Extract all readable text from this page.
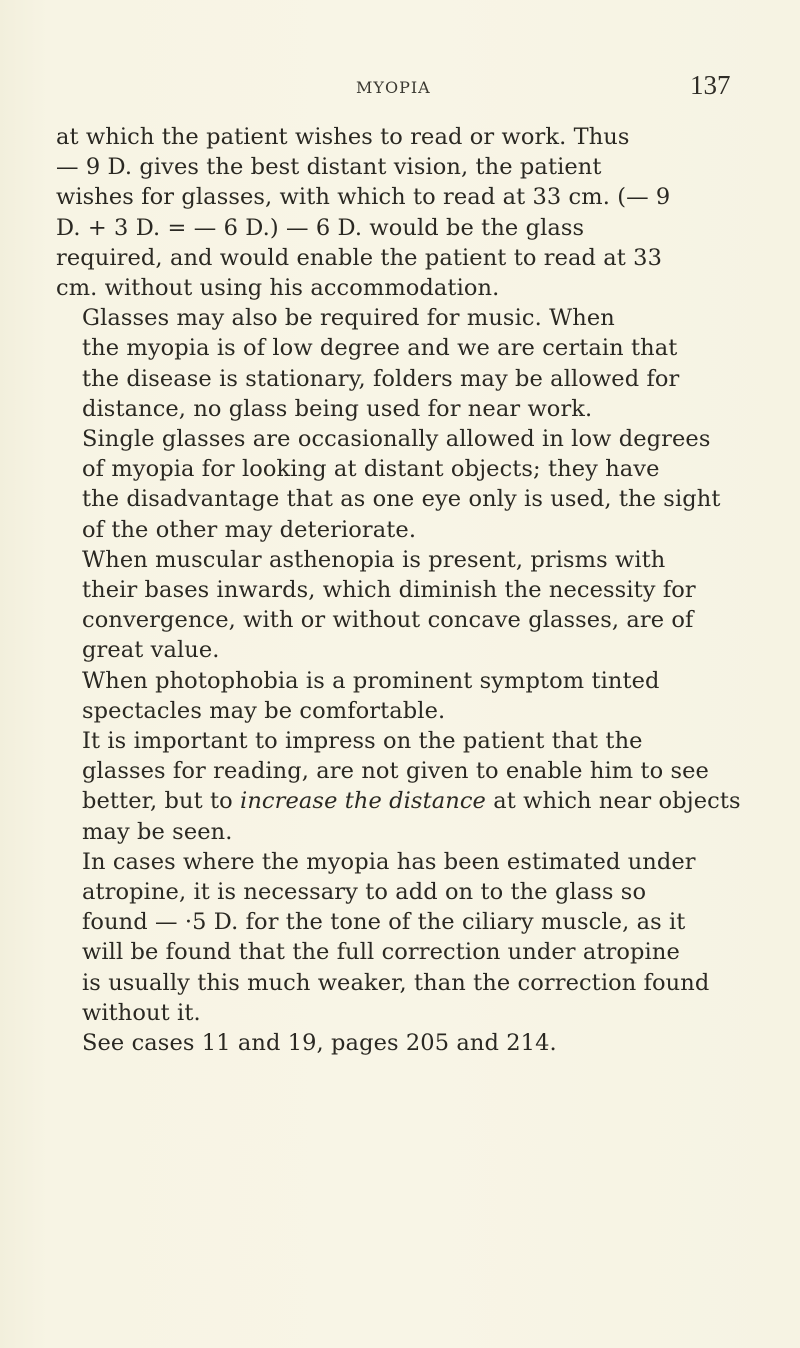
MYOPIA	137

at which the patient wishes to read or work. Thus
— 9 D. gives the best distant vision, the patient
wishes for glasses, with which to read at 33 cm. (— 9
D. + 3 D. = — 6 D.) — 6 D. would be the glass
required, and would enable the patient to read at 33
cm. without using his accommodation.

Glasses may also be required for music. When
the myopia is of low degree and we are certain that
the disease is stationary, folders may be allowed for
distance, no glass being used for near work.

Single glasses are occasionally allowed in low degrees
of myopia for looking at distant objects; they have
the disadvantage that as one eye only is used, the sight
of the other may deteriorate.

When muscular asthenopia is present, prisms with
their bases inwards, which diminish the necessity for
convergence, with or without concave glasses, are of
great value.

When photophobia is a prominent symptom tinted
spectacles may be comfortable.

It is important to impress on the patient that the
glasses for reading, are not given to enable him to see
better, but to increase the distance at which near objects
may be seen.

In cases where the myopia has been estimated under
atropine, it is necessary to add on to the glass so
found — ·5 D. for the tone of the ciliary muscle, as it
will be found that the full correction under atropine
is usually this much weaker, than the correction found
without it.

See cases 11 and 19, pages 205 and 214.
